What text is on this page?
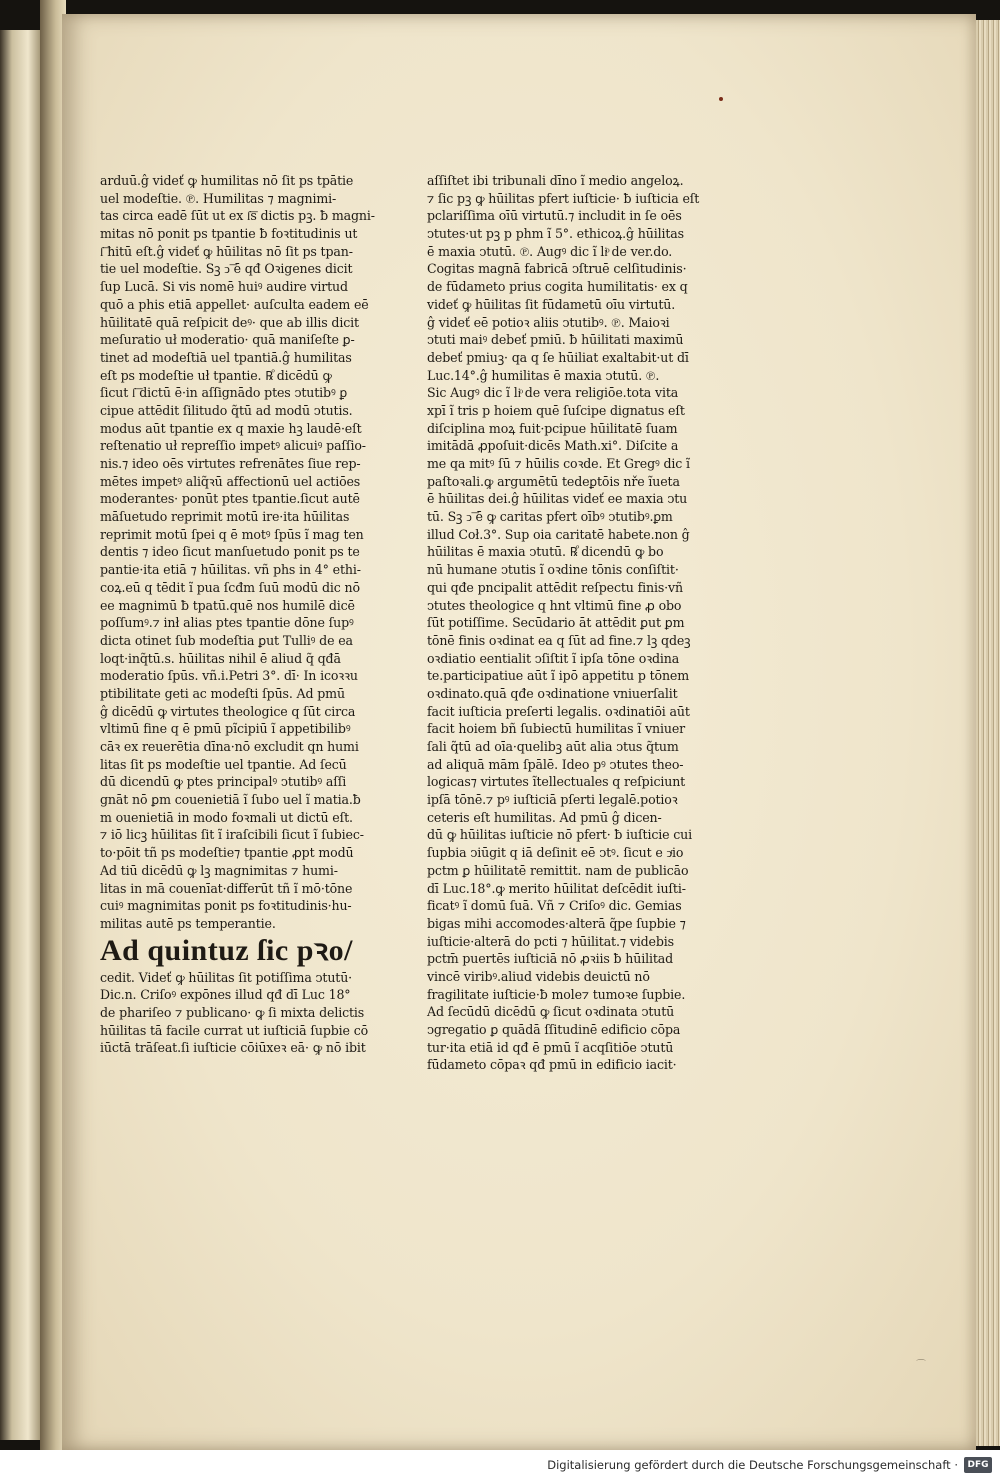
⌒
arduū.ĝ videť ꝙ humilitas nō ſit ps tpātie
uel modeſtie. ℗. Humilitas ⁊ magnimi-
tas circa eadē ſūt ut ex ſ͞s dictis pꝫ. ƀ magni-
mitas nō ponit ps tpantie ƀ foꝛtitudinis ut
ſ͞ hitū eſt.ĝ videť ꝙ hūilitas nō ſit ps tpan-
tie uel modeſtie. Sꝫ ↄ͞ ē qđ Oꝛigenes dicit
ſup Lucā. Si vis nomē huiꝰ audire virtud
quō a phis etiā appellet· auſculta eadem eē
hūilitatē quā reſpicit deꝰ· que ab illis dicit
meſuratio uł moderatio· quā maniſeſte ꝑ-
tinet ad modeſtiā uel tpantiā.ĝ humilitas
eſt ps modeſtie uł tpantie. ℞ͦ dicēdū ꝙ
ſicut ſ͞ dictū ē·in aſſignādo ptes ↄtutibꝰ ꝑ
cipue attēdit ſilitudo q̃tū ad modū ↄtutis.
modus aūt tpantie ex q maxie hꝫ laudē·eſt
reſtenatio uł repreſſio impetꝰ alicuiꝰ paſſio-
nis.⁊ ideo oēs virtutes refrenātes ſiue rep-
mētes impetꝰ aliq̃ꝛū affectionū uel actiōes
moderantes· ponūt ptes tpantie.ſicut autē
māſuetudo reprimit motū ire·ita hūilitas
reprimit motū ſpei q ē motꝰ ſpūs ĩ mag ten
dentis ⁊ ideo ſicut manſuetudo ponit ps te
pantie·ita etiā ⁊ hūilitas. vñ phs in 4° ethi-
coꝝ.eū q tēdit ĩ pua ſcđm ſuū modū dic nō
ee magnimū ƀ tpatū.quē nos humilē dicē
poſſumꝰ.⁊ inł alias ptes tpantie dōne ſupꝰ
dicta otinet ſub modeſtia ꝑut Tulliꝰ de ea
loqt·inq̃tū.s. hūilitas nihil ē aliud q̃ qđā
moderatio ſpūs. vñ.i.Petri 3°. dī· In icoꝛꝛu
ptibilitate geti ac modeſti ſpūs. Ad pmū
ĝ dicēdū ꝙ virtutes theologice q ſūt circa
vltimū fine q ē pmū pĩcipiū ĩ appetibilibꝰ
cāꝛ ex reuerētia dīna·nō excludit qn humi
litas ſit ps modeſtie uel tpantie. Ad ſecū
dū dicendū ꝙ ptes principalꝰ ↄtutibꝰ aſſi
gnāt nō ꝑm couenietiā ĩ ſubo uel ĩ matia.ƀ
m ouenietiā in modo foꝛmali ut dictū eſt.
⁊ iō licꝫ hūilitas ſit ĩ iraſcibili ſicut ĩ ſubiec-
to·pōit tñ ps modeſtie⁊ tpantie ꝓpt modū
Ad tiū dicēdū ꝙ lꝫ magnimitas ⁊ humi-
litas in mā couenīat·differūt tñ ĩ mō·tōne
cuiꝰ magnimitas ponit ps foꝛtitudinis·hu-
militas autē ps temperantie.
Ad quintuz ſic pꝛo/
cedit. Videť ꝙ hūilitas ſit potiſſima ↄtutū·
Dic.n. Criſoꝰ expōnes illud qđ dī Luc 18°
de phariſeo ⁊ publicano· ꝙ ſi mixta delictis
hūilitas tā facile currat ut iuſticiā ſupbie cō
iūctā trāſeat.ſi iuſticie cōiūxeꝛ eā· ꝙ nō ibit
aſſiſtet ibi tribunali dīno ĩ medio angeloꝝ.
⁊ ſic pꝫ ꝙ hūilitas pfert iuſticie· ƀ iuſticia eſt
pclariſſima oīū virtutū.⁊ includit in ſe oēs
ↄtutes·ut pꝫ p phm ĩ 5°. ethicoꝝ.ĝ hūilitas
ē maxia ↄtutū. ℗. Augꝰ dic ĩ liͦ de ver.do.
Cogitas magnā fabricā ↄſtruē celſitudinis·
de fūdameto prius cogita humilitatis· ex q
videť ꝙ hūilitas ſit fūdametū oīu virtutū.
ĝ videť eē potioꝛ aliis ↄtutibꝰ. ℗. Maioꝛi
ↄtuti maiꝰ debeť pmiū. ƀ hūilitati maximū
debeť pmiuꝫ· qa q ſe hūiliat exaltabit·ut dī
Luc.14°.ĝ humilitas ē maxia ↄtutū. ℗.
Sic Augꝰ dic ĩ liͦ de vera religiōe.tota vita
xpī ĩ tris p hoiem quē ſuſcipe dignatus eſt
diſciplina moꝝ fuit·pcipue hūilitatē ſuam
imitādā ꝓpoſuit·dicēs Math.xi°. Diſcite a
me qa mitꝰ ſū ⁊ hūilis coꝛde. Et Gregꝰ dic ĩ
paſtoꝛali.ꝙ argumētū tedeꝑtōis nře ĩueta
ē hūilitas dei.ĝ hūilitas videť ee maxia ↄtu
tū. Sꝫ ↄ͞ ē ꝙ caritas pfert oībꝰ ↄtutibꝰ.ꝑm
illud Coł.3°. Sup oia caritatē habete.non ĝ
hūilitas ē maxia ↄtutū. ℞ͦ dicendū ꝙ bo
nū humane ↄtutis ĩ oꝛdine tōnis conſiſtit·
qui qđe pncipalit attēdit reſpectu finis·vñ
ↄtutes theologice q hnt vltimū fine ꝓ obo
ſūt potiſſime. Secūdario āt attēdit ꝑut ꝑm
tōnē finis oꝛdinat ea q ſūt ad fine.⁊ lꝫ qdeꝫ
oꝛdiatio eentialit ↄſiſtit ĩ ipſa tōne oꝛdina
te.participatiue aūt ĩ ipō appetitu p tōnem
oꝛdinato.quā qđe oꝛdinatione vniuerſalit
facit iuſticia preſerti legalis. oꝛdinatiōi aūt
facit hoiem bñ ſubiectū humilitas ĩ vniuer
ſali q̃tū ad oīa·quelibꝫ aūt alia ↄtus q̃tum
ad aliquā mām ſpālē. Ideo pꝰ ↄtutes theo-
logicas⁊ virtutes ĩtellectuales q reſpiciunt
ipſā tōnē.⁊ pꝰ iuſticiā pſerti legalē.potioꝛ
ceteris eſt humilitas. Ad pmū ĝ dicen-
dū ꝙ hūilitas iuſticie nō pfert· ƀ iuſticie cui
ſupbia ↄiūgit q iā deſinit eē ↄtꝰ. ſicut e ↄͬio
pctm ꝑ hūilitatē remittit. nam de publicāo
dī Luc.18°.ꝙ merito hūilitat deſcēdit iuſti-
ficatꝰ ĩ domū ſuā. Vñ ⁊ Criſoꝰ dic. Gemias
bigas mihi accomodes·alterā q̃pe ſupbie ⁊
iuſticie·alterā do pcti ⁊ hūilitat.⁊ videbis
pctm̄ puertēs iuſticiā nō ꝓꝛiis ƀ hūilitad
vincē viribꝰ.aliud videbis deuictū nō
fragilitate iuſticie·ƀ mole⁊ tumoꝛe ſupbie.
Ad ſecūdū dicēdū ꝙ ſicut oꝛdinata ↄtutū
ↄgregatio ꝑ quādā ſſitudinē edificio cōpa
tur·ita etiā id qđ ē pmū ĩ acqſitiōe ↄtutū
fūdameto cōpaꝛ qđ pmū in edificio iacit·
Digitalisierung gefördert durch die Deutsche Forschungsgemeinschaft ·	DFG
